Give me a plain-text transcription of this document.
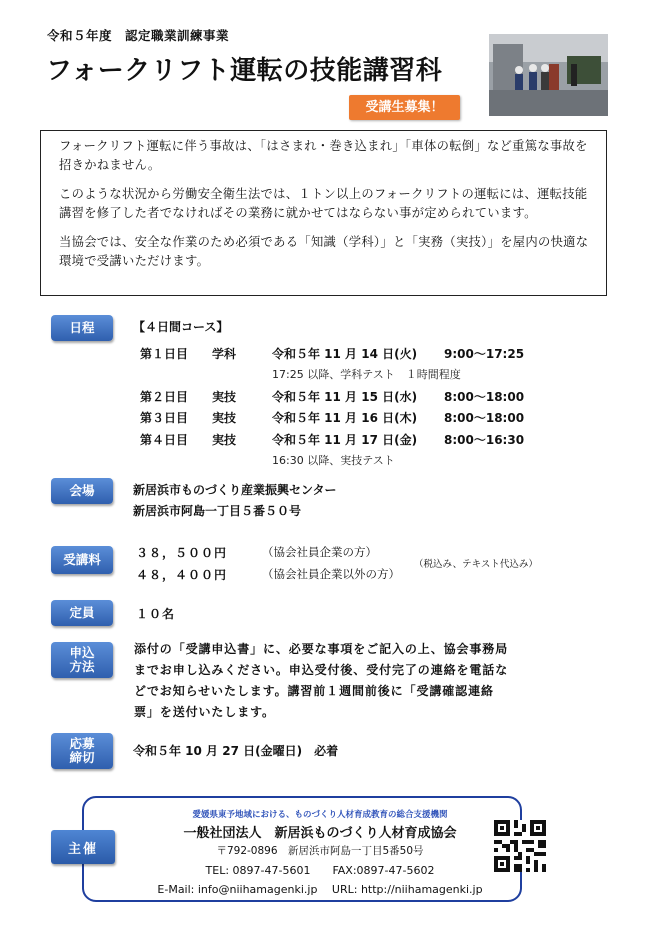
令和５年度　認定職業訓練事業
フォークリフト運転の技能講習科
受講生募集！

フォークリフト運転に伴う事故は、「はさまれ・巻き込まれ」「車体の転倒」など重篤な事故を招きかねません。

このような状況から労働安全衛生法では、１トン以上のフォークリフトの運転には、運転技能講習を修了した者でなければその業務に就かせてはならない事が定められています。

当協会では、安全な作業のため必須である「知識（学科）」と「実務（実技）」を屋内の快適な環境で受講いただけます。

日程	【４日間コース】
第１日目 学科	令和５年 11 月 14 日(火) 9:00～17:25
17:25 以降、学科テスト　１時間程度
第２日目 実技	令和５年 11 月 15 日(水) 8:00～18:00
第３日目 実技	令和５年 11 月 16 日(木) 8:00～18:00
第４日目 実技	令和５年 11 月 17 日(金) 8:00～16:30
16:30 以降、実技テスト
会場	新居浜市ものづくり産業振興センター
新居浜市阿島一丁目５番５０号
受講料	３８，５００円	（協会社員企業の方）
４８，４００円	（協会社員企業以外の方）
（税込み、テキスト代込み）
定員	１０名
申込
方法
添付の「受講申込書」に、必要な事項をご記入の上、協会事務局
までお申し込みください。申込受付後、受付完了の連絡を電話な
どでお知らせいたします。講習前１週間前後に「受講確認連絡
票」を送付いたします。
応募
締切	令和５年 10 月 27 日(金曜日)　必着
主催
愛媛県東予地域における、ものづくり人材育成教育の総合支援機関
一般社団法人　新居浜ものづくり人材育成協会
〒792-0896　新居浜市阿島一丁目5番50号
TEL: 0897-47-5601　　FAX:0897-47-5602
E-Mail: info@niihamagenki.jp　 URL: http://niihamagenki.jp
